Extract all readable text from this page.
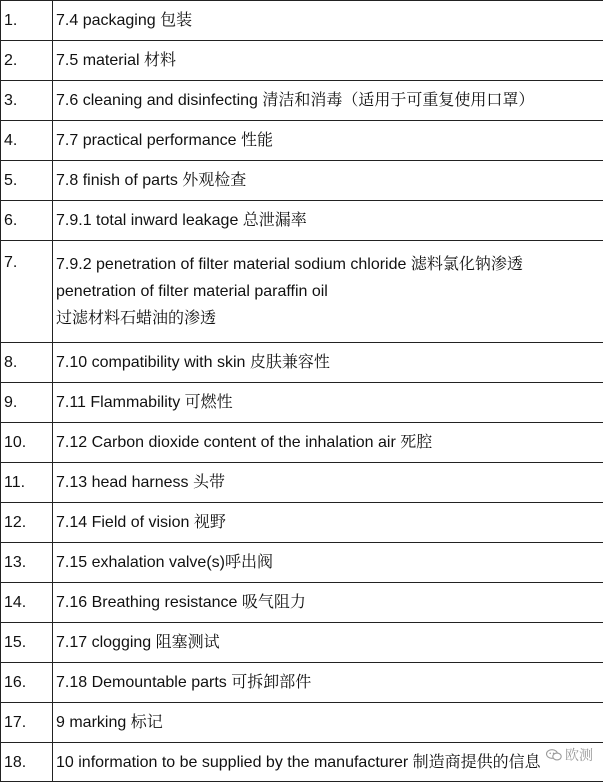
1.	7.4 packaging 包装
2.	7.5 material 材料
3.	7.6 cleaning and disinfecting 清洁和消毒（适用于可重复使用口罩）
4.	7.7 practical performance 性能
5.	7.8 finish of parts 外观检查
6.	7.9.1 total inward leakage 总泄漏率
7.	7.9.2 penetration of filter material sodium chloride 滤料氯化钠渗透
penetration of filter material paraffin oil
过滤材料石蜡油的渗透

8.	7.10 compatibility with skin 皮肤兼容性
9.	7.11 Flammability 可燃性
10.	7.12 Carbon dioxide content of the inhalation air 死腔
11.	7.13 head harness 头带
12.	7.14 Field of vision 视野
13.	7.15 exhalation valve(s)呼出阀
14.	7.16 Breathing resistance 吸气阻力
15.	7.17 clogging 阻塞测试
16.	7.18 Demountable parts 可拆卸部件
17.	9 marking 标记
18.	10 information to be supplied by the manufacturer 制造商提供的信息 欧测
